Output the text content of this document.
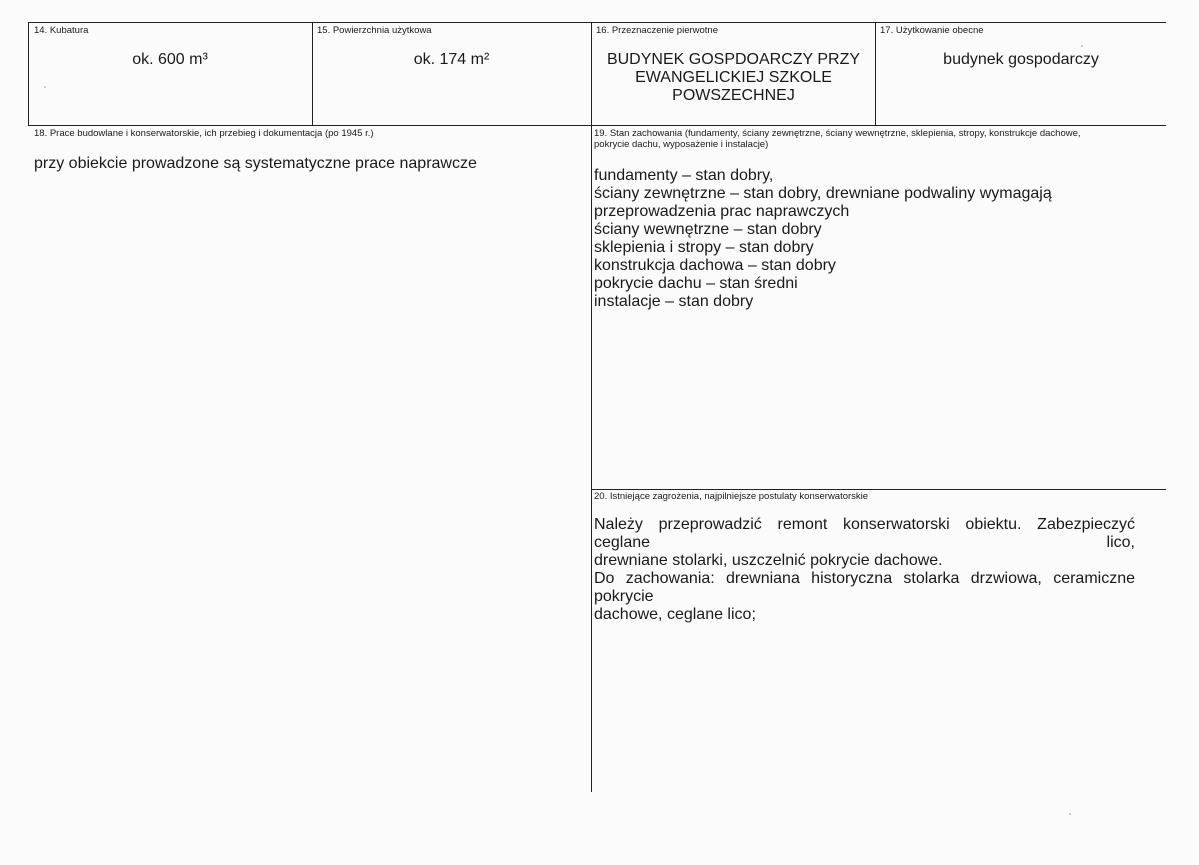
14. Kubatura
ok. 600 m³
15. Powierzchnia użytkowa
ok. 174 m²
16. Przeznaczenie pierwotne
BUDYNEK GOSPDOARCZY PRZY
EWANGELICKIEJ SZKOLE
POWSZECHNEJ
17. Użytkowanie obecne
budynek gospodarczy
18. Prace budowlane i konserwatorskie, ich przebieg i dokumentacja (po 1945 r.)
przy obiekcie prowadzone są systematyczne prace naprawcze
19. Stan zachowania (fundamenty, ściany zewnętrzne, ściany wewnętrzne, sklepienia, stropy, konstrukcje dachowe, pokrycie dachu, wyposażenie i instalacje)
fundamenty – stan dobry,
ściany zewnętrzne – stan dobry, drewniane podwaliny wymagają
przeprowadzenia prac naprawczych
ściany wewnętrzne – stan dobry
sklepienia i stropy – stan dobry
konstrukcja dachowa – stan dobry
pokrycie dachu – stan średni
instalacje – stan dobry
20. Istniejące zagrożenia, najpilniejsze postulaty konserwatorskie
Należy przeprowadzić remont konserwatorski obiektu. Zabezpieczyć ceglane lico,
drewniane stolarki, uszczelnić pokrycie dachowe.
Do zachowania: drewniana historyczna stolarka drzwiowa, ceramiczne pokrycie
dachowe, ceglane lico;
